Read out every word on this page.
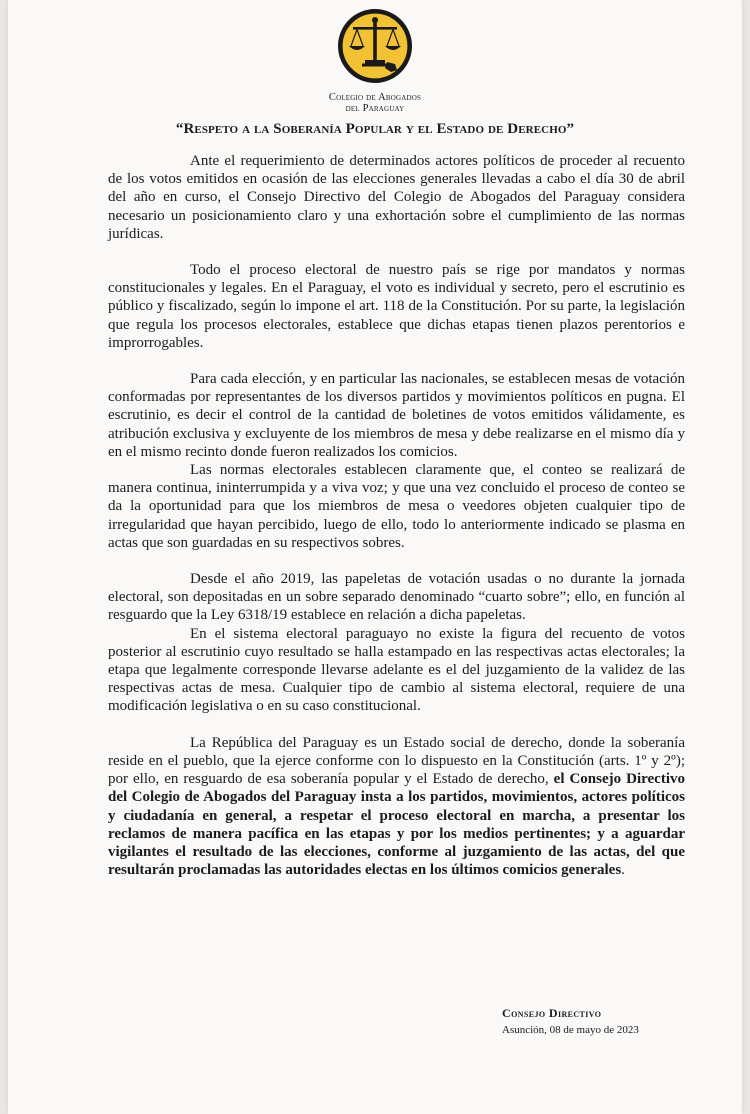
Colegio de Abogados
del Paraguay
“Respeto a la Soberanía Popular y el Estado de Derecho”

Ante el requerimiento de determinados actores políticos de proceder al recuento de los votos emitidos en ocasión de las elecciones generales llevadas a cabo el día 30 de abril del año en curso, el Consejo Directivo del Colegio de Abogados del Paraguay considera necesario un posicionamiento claro y una exhortación sobre el cumplimiento de las normas jurídicas.

Todo el proceso electoral de nuestro país se rige por mandatos y normas constitucionales y legales. En el Paraguay, el voto es individual y secreto, pero el escrutinio es público y fiscalizado, según lo impone el art. 118 de la Constitución. Por su parte, la legislación que regula los procesos electorales, establece que dichas etapas tienen plazos perentorios e improrrogables.

Para cada elección, y en particular las nacionales, se establecen mesas de votación conformadas por representantes de los diversos partidos y movimientos políticos en pugna. El escrutinio, es decir el control de la cantidad de boletines de votos emitidos válidamente, es atribución exclusiva y excluyente de los miembros de mesa y debe realizarse en el mismo día y en el mismo recinto donde fueron realizados los comicios.

Las normas electorales establecen claramente que, el conteo se realizará de manera continua, ininterrumpida y a viva voz; y que una vez concluido el proceso de conteo se da la oportunidad para que los miembros de mesa o veedores objeten cualquier tipo de irregularidad que hayan percibido, luego de ello, todo lo anteriormente indicado se plasma en actas que son guardadas en su respectivos sobres.

Desde el año 2019, las papeletas de votación usadas o no durante la jornada electoral, son depositadas en un sobre separado denominado “cuarto sobre”; ello, en función al resguardo que la Ley 6318/19 establece en relación a dicha papeletas.

En el sistema electoral paraguayo no existe la figura del recuento de votos posterior al escrutinio cuyo resultado se halla estampado en las respectivas actas electorales; la etapa que legalmente corresponde llevarse adelante es el del juzgamiento de la validez de las respectivas actas de mesa. Cualquier tipo de cambio al sistema electoral, requiere de una modificación legislativa o en su caso constitucional.

La República del Paraguay es un Estado social de derecho, donde la soberanía reside en el pueblo, que la ejerce conforme con lo dispuesto en la Constitución (arts. 1º y 2º); por ello, en resguardo de esa soberanía popular y el Estado de derecho, el Consejo Directivo del Colegio de Abogados del Paraguay insta a los partidos, movimientos, actores políticos y ciudadanía en general, a respetar el proceso electoral en marcha, a presentar los reclamos de manera pacífica en las etapas y por los medios pertinentes; y a aguardar vigilantes el resultado de las elecciones, conforme al juzgamiento de las actas, del que resultarán proclamadas las autoridades electas en los últimos comicios generales.

Consejo Directivo
Asunción, 08 de mayo de 2023
